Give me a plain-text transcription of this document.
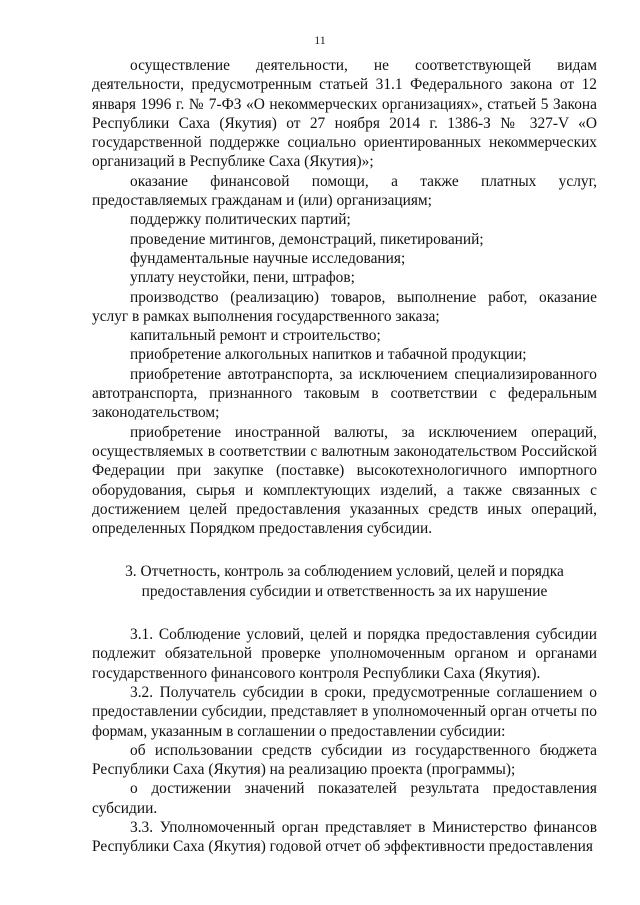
11

осуществление деятельности, не соответствующей видам деятельности, предусмотренным статьей 31.1 Федерального закона от 12 января 1996 г. № 7-ФЗ «О некоммерческих организациях», статьей 5 Закона Республики Саха (Якутия) от 27 ноября 2014 г. 1386-З № 327-V «О государственной поддержке социально ориентированных некоммерческих организаций в Республике Саха (Якутия)»;

оказание финансовой помощи, а также платных услуг, предоставляемых гражданам и (или) организациям;

поддержку политических партий;

проведение митингов, демонстраций, пикетирований;

фундаментальные научные исследования;

уплату неустойки, пени, штрафов;

производство (реализацию) товаров, выполнение работ, оказание услуг в рамках выполнения государственного заказа;

капитальный ремонт и строительство;

приобретение алкогольных напитков и табачной продукции;

приобретение автотранспорта, за исключением специализированного автотранспорта, признанного таковым в соответствии с федеральным законодательством;

приобретение иностранной валюты, за исключением операций, осуществляемых в соответствии с валютным законодательством Российской Федерации при закупке (поставке) высокотехнологичного импортного оборудования, сырья и комплектующих изделий, а также связанных с достижением целей предоставления указанных средств иных операций, определенных Порядком предоставления субсидии.

3. Отчетность, контроль за соблюдением условий, целей и порядка предоставления субсидии и ответственность за их нарушение

3.1. Соблюдение условий, целей и порядка предоставления субсидии подлежит обязательной проверке уполномоченным органом и органами государственного финансового контроля Республики Саха (Якутия).

3.2. Получатель субсидии в сроки, предусмотренные соглашением о предоставлении субсидии, представляет в уполномоченный орган отчеты по формам, указанным в соглашении о предоставлении субсидии:

об использовании средств субсидии из государственного бюджета Республики Саха (Якутия) на реализацию проекта (программы);

о достижении значений показателей результата предоставления субсидии.

3.3. Уполномоченный орган представляет в Министерство финансов Республики Саха (Якутия) годовой отчет об эффективности предоставления
